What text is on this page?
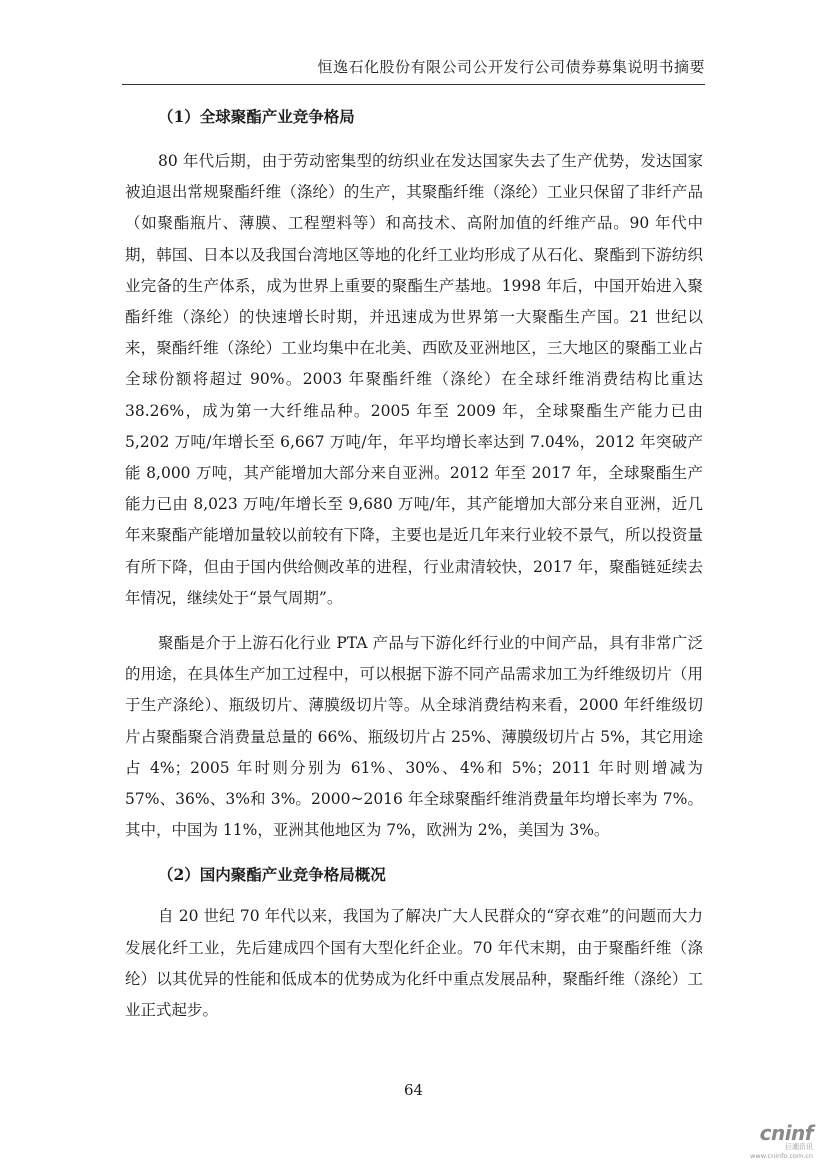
恒逸石化股份有限公司公开发行公司债券募集说明书摘要
（1）全球聚酯产业竞争格局

80 年代后期，由于劳动密集型的纺织业在发达国家失去了生产优势，发达国家被迫退出常规聚酯纤维（涤纶）的生产，其聚酯纤维（涤纶）工业只保留了非纤产品（如聚酯瓶片、薄膜、工程塑料等）和高技术、高附加值的纤维产品。90 年代中期，韩国、日本以及我国台湾地区等地的化纤工业均形成了从石化、聚酯到下游纺织业完备的生产体系，成为世界上重要的聚酯生产基地。1998 年后，中国开始进入聚酯纤维（涤纶）的快速增长时期，并迅速成为世界第一大聚酯生产国。21 世纪以来，聚酯纤维（涤纶）工业均集中在北美、西欧及亚洲地区，三大地区的聚酯工业占全球份额将超过 90%。2003 年聚酯纤维（涤纶）在全球纤维消费结构比重达 38.26%，成为第一大纤维品种。2005 年至 2009 年，全球聚酯生产能力已由 5,202 万吨/年增长至 6,667 万吨/年，年平均增长率达到 7.04%，2012 年突破产能 8,000 万吨，其产能增加大部分来自亚洲。2012 年至 2017 年，全球聚酯生产能力已由 8,023 万吨/年增长至 9,680 万吨/年，其产能增加大部分来自亚洲，近几年来聚酯产能增加量较以前较有下降，主要也是近几年来行业较不景气，所以投资量有所下降，但由于国内供给侧改革的进程，行业肃清较快，2017 年，聚酯链延续去年情况，继续处于“景气周期”。

聚酯是介于上游石化行业 PTA 产品与下游化纤行业的中间产品，具有非常广泛的用途，在具体生产加工过程中，可以根据下游不同产品需求加工为纤维级切片（用于生产涤纶）、瓶级切片、薄膜级切片等。从全球消费结构来看，2000 年纤维级切片占聚酯聚合消费量总量的 66%、瓶级切片占 25%、薄膜级切片占 5%，其它用途占 4%；2005 年时则分别为 61%、30%、4%和 5%；2011 年时则增减为 57%、36%、3%和 3%。2000~2016 年全球聚酯纤维消费量年均增长率为 7%。其中，中国为 11%，亚洲其他地区为 7%，欧洲为 2%，美国为 3%。

（2）国内聚酯产业竞争格局概况

自 20 世纪 70 年代以来，我国为了解决广大人民群众的“穿衣难”的问题而大力发展化纤工业，先后建成四个国有大型化纤企业。70 年代末期，由于聚酯纤维（涤纶）以其优异的性能和低成本的优势成为化纤中重点发展品种，聚酯纤维（涤纶）工业正式起步。

64
cninf
巨潮资讯
www.cninfo.com.cn
